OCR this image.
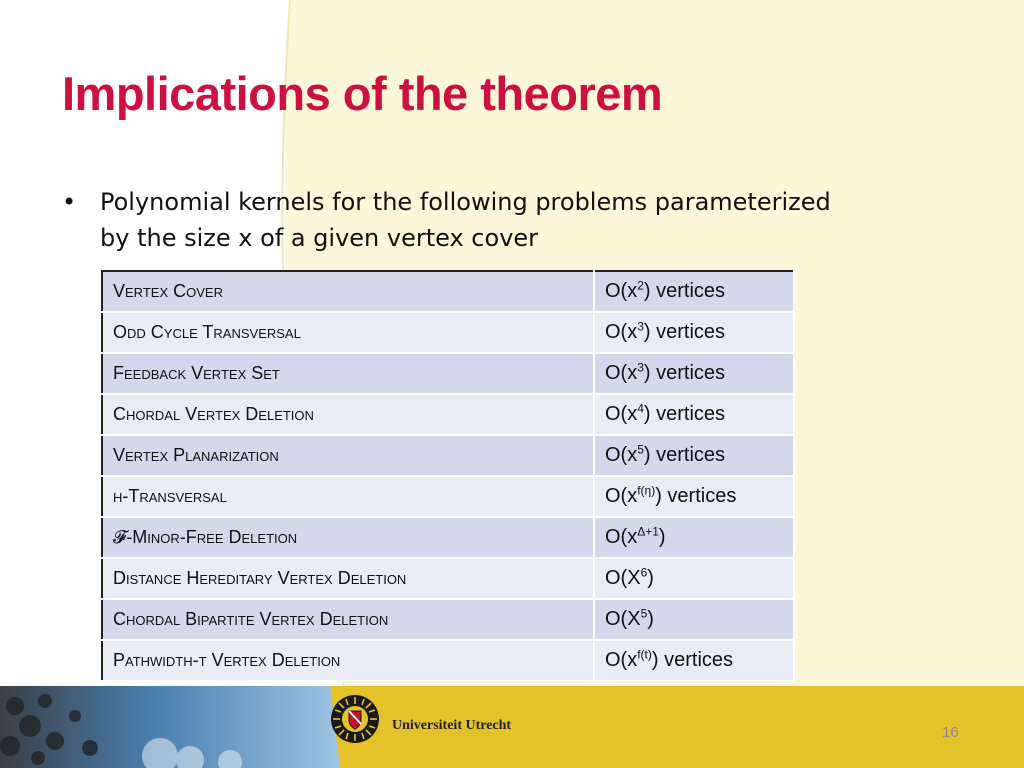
Implications of the theorem
• Polynomial kernels for the following problems parameterized by the size x of a given vertex cover
Vertex Cover	$O(x^2)$ vertices
Odd Cycle Transversal	$O(x^3)$ vertices
Feedback Vertex Set	$O(x^3)$ vertices
Chordal Vertex Deletion	$O(x^4)$ vertices
Vertex Planarization	$O(x^5)$ vertices
η-Transversal	$O(x^{f(\eta)})$ vertices
𝓕-Minor-Free Deletion	$O(x^{\Delta+1})$
Distance Hereditary Vertex Deletion	$O(X^6)$
Chordal Bipartite Vertex Deletion	$O(X^5)$
Pathwidth-t Vertex Deletion	$O(x^{f(t)})$ vertices
Universiteit Utrecht	16
